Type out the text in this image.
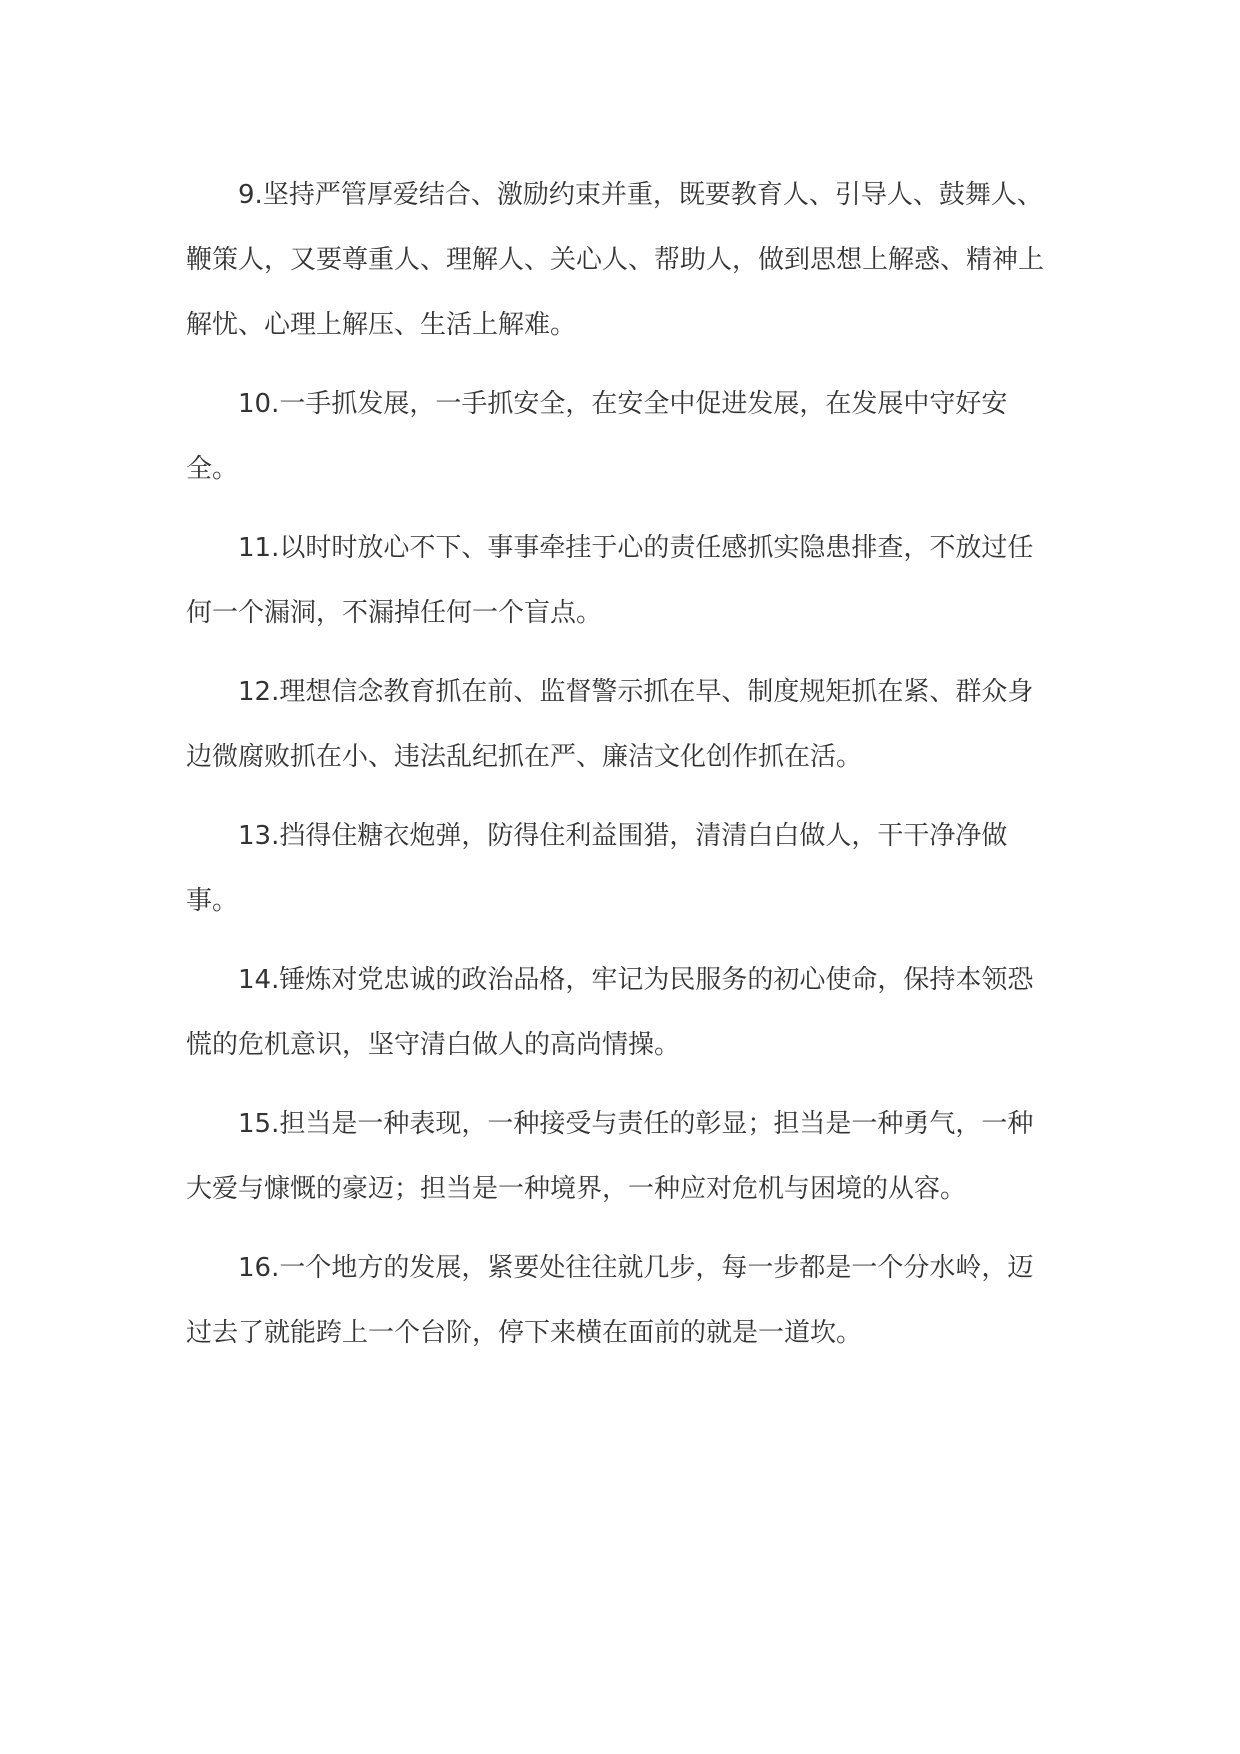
9.坚持严管厚爱结合、激励约束并重，既要教育人、引导人、鼓舞人、鞭策人，又要尊重人、理解人、关心人、帮助人，做到思想上解惑、精神上解忧、心理上解压、生活上解难。

10.一手抓发展，一手抓安全，在安全中促进发展，在发展中守好安全。

11.以时时放心不下、事事牵挂于心的责任感抓实隐患排查，不放过任何一个漏洞，不漏掉任何一个盲点。

12.理想信念教育抓在前、监督警示抓在早、制度规矩抓在紧、群众身边微腐败抓在小、违法乱纪抓在严、廉洁文化创作抓在活。

13.挡得住糖衣炮弹，防得住利益围猎，清清白白做人，干干净净做事。

14.锤炼对党忠诚的政治品格，牢记为民服务的初心使命，保持本领恐慌的危机意识，坚守清白做人的高尚情操。

15.担当是一种表现，一种接受与责任的彰显；担当是一种勇气，一种大爱与慷慨的豪迈；担当是一种境界，一种应对危机与困境的从容。

16.一个地方的发展，紧要处往往就几步，每一步都是一个分水岭，迈过去了就能跨上一个台阶，停下来横在面前的就是一道坎。
